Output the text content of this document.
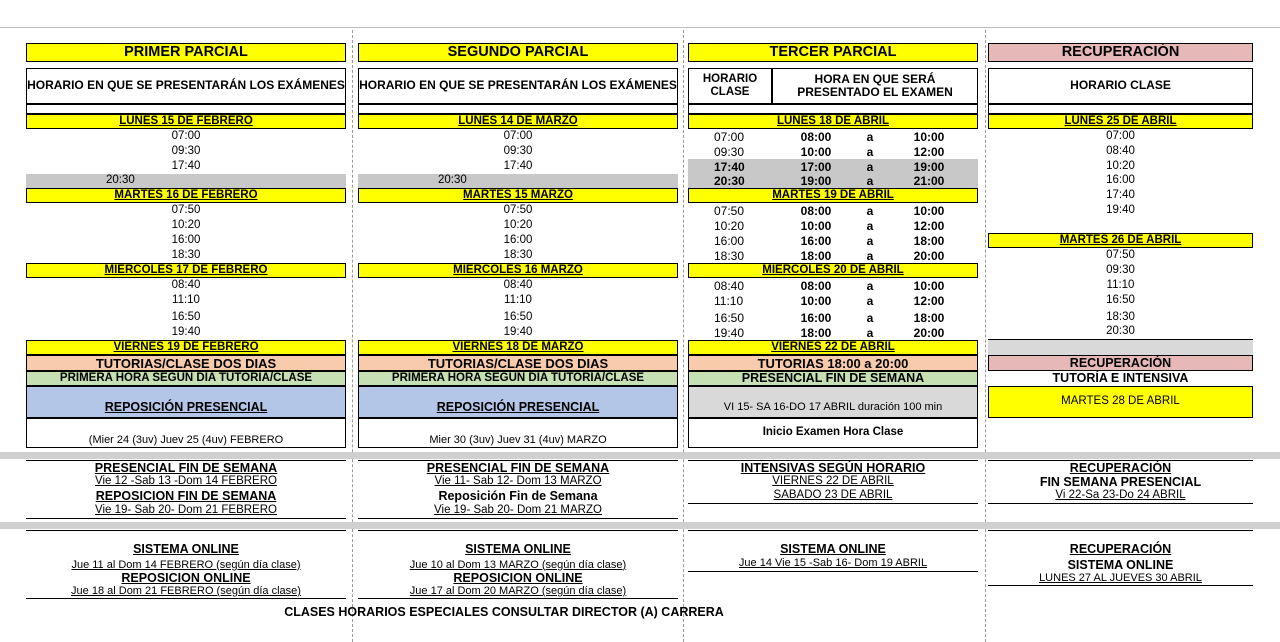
PRIMER PARCIAL
HORARIO EN QUE SE PRESENTARÁN LOS EXÁMENES
LUNES 15 DE FEBRERO
07:00
09:30
17:40
20:30
MARTES 16 DE FEBRERO
07:50
10:20
16:00
18:30
MIÉRCOLES 17 DE FEBRERO
08:40
11:10
16:50
19:40
VIERNES 19 DE FEBRERO
TUTORIAS/CLASE DOS DIAS
PRIMERA HORA SEGÚN DIA TUTORÍA/CLASE
REPOSICIÓN PRESENCIAL
(Mier 24 (3uv) Juev 25 (4uv) FEBRERO
PRESENCIAL FIN DE SEMANA
Vie 12 -Sab 13 -Dom 14 FEBRERO
REPOSICION FIN DE SEMANA
Vie 19- Sab 20- Dom 21 FEBRERO
SISTEMA ONLINE
Jue 11 al Dom 14 FEBRERO (según día clase)
REPOSICION ONLINE
Jue 18 al Dom 21 FEBRERO (según día clase)
SEGUNDO PARCIAL
HORARIO EN QUE SE PRESENTARÁN LOS EXÁMENES
LUNES 14 DE MARZO
07:00
09:30
17:40
20:30
MARTES 15 MARZO
07:50
10:20
16:00
18:30
MIÉRCOLES 16 MARZO
08:40
11:10
16:50
19:40
VIERNES 18 DE MARZO
TUTORIAS/CLASE DOS DIAS
PRIMERA HORA SEGÚN DIA TUTORÍA/CLASE
REPOSICIÓN PRESENCIAL
Mier 30 (3uv) Juev 31 (4uv) MARZO
PRESENCIAL FIN DE SEMANA
Vie 11- Sab 12- Dom 13 MARZO
Reposición Fin de Semana
Vie 19- Sab 20- Dom 21 MARZO
SISTEMA ONLINE
Jue 10 al Dom 13 MARZO (según día clase)
REPOSICION ONLINE
Jue 17 al Dom 20 MARZO (según día clase)
TERCER PARCIAL
HORARIO CLASE
HORA EN QUE SERÁ PRESENTADO EL EXAMEN
LUNES 18 DE ABRIL
07:00	08:00	a	10:00
09:30	10:00	a	12:00
17:40	17:00	a	19:00
20:30	19:00	a	21:00
MARTES 19 DE ABRIL
07:50	08:00	a	10:00
10:20	10:00	a	12:00
16:00	16:00	a	18:00
18:30	18:00	a	20:00
MIÉRCOLES 20 DE ABRIL
08:40	08:00	a	10:00
11:10	10:00	a	12:00
16:50	16:00	a	18:00
19:40	18:00	a	20:00
VIERNES 22 DE ABRIL
TUTORIAS 18:00 a 20:00
PRESENCIAL FIN DE SEMANA
VI 15- SA 16-DO 17 ABRIL duración 100 min
Inicio Examen Hora Clase
INTENSIVAS SEGÚN HORARIO
VIERNES 22 DE ABRIL
SABADO 23 DE ABRIL
SISTEMA ONLINE
Jue 14 Vie 15 -Sab 16- Dom 19 ABRIL
RECUPERACIÓN
HORARIO CLASE
LUNES 25 DE ABRIL
07:00
08:40
10:20
16:00
17:40
19:40
MARTES 26 DE ABRIL
07:50
09:30
11:10
16:50
18:30
20:30
RECUPERACIÓN
TUTORÍA E INTENSIVA
MARTES 28 DE ABRIL
RECUPERACIÓN
FIN SEMANA PRESENCIAL
Vi 22-Sa 23-Do 24 ABRIL
RECUPERACIÓN
SISTEMA ONLINE
LUNES 27 AL JUEVES 30 ABRIL
CLASES HORARIOS ESPECIALES CONSULTAR DIRECTOR (A) CARRERA
